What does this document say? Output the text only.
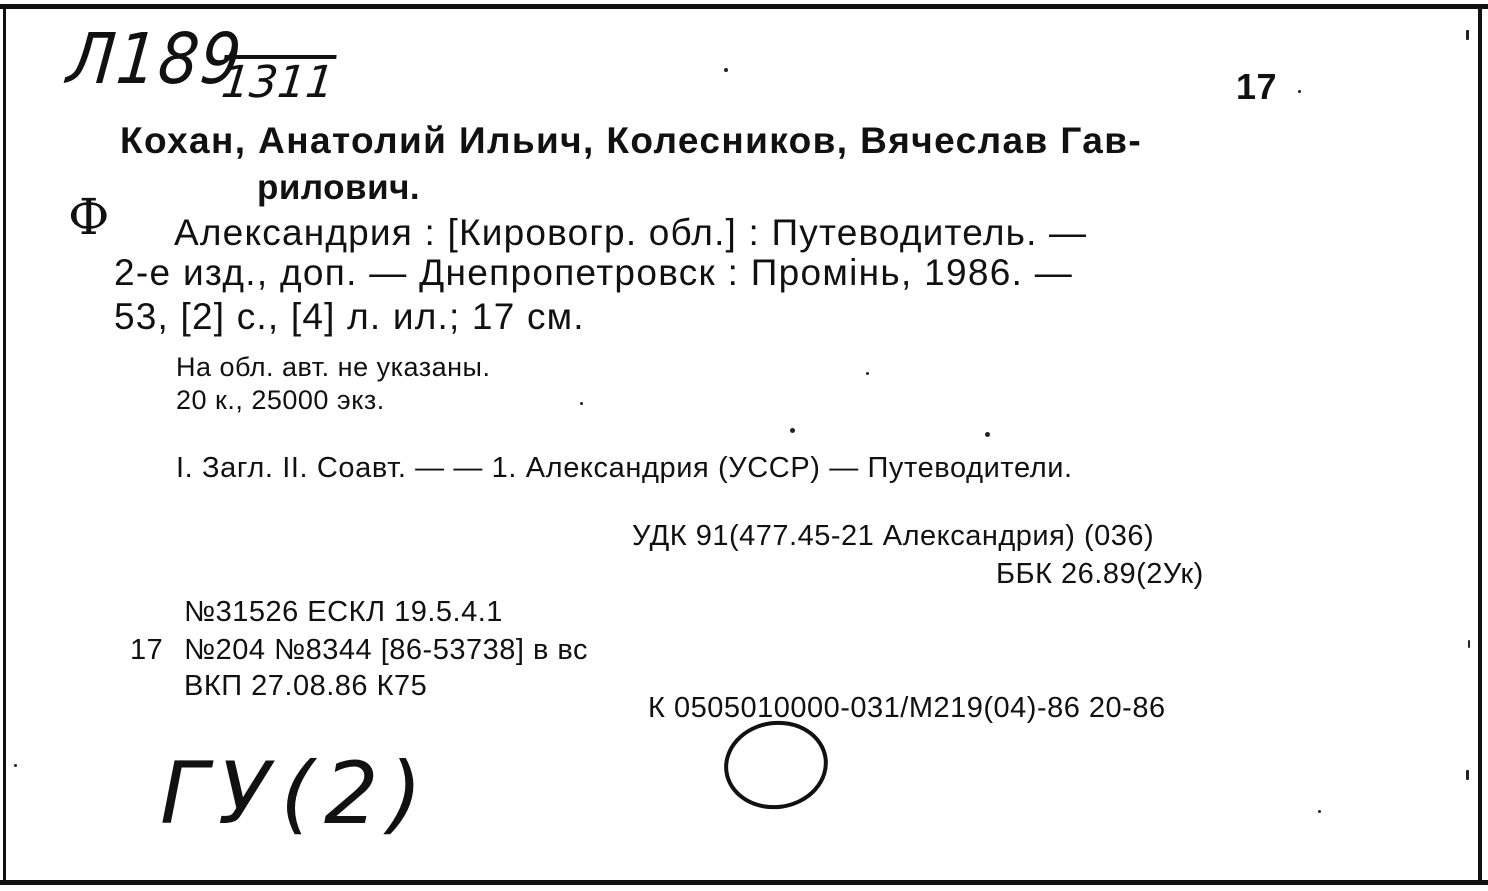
Л189
1311	17
Кохан, Анатолий Ильич, Колесников, Вячеслав Гав-
рилович.
Ф Александрия : [Кировогр. обл.] : Путеводитель. —
2-е изд., доп. — Днепропетровск : Промінь, 1986. —
53, [2] с., [4] л. ил.; 17 см.
На обл. авт. не указаны.
20 к., 25000 экз.
I. Загл. II. Соавт. — — 1. Александрия (УССР) — Путеводители.
УДК 91(477.45-21 Александрия) (036)
ББК 26.89(2Ук)
№31526 ЕСКЛ 19.5.4.1
17 №204 №8344 [86-53738] в вс
ВКП 27.08.86 К75
К 0505010000-031/М219(04)-86 20-86
ГУ(2)
